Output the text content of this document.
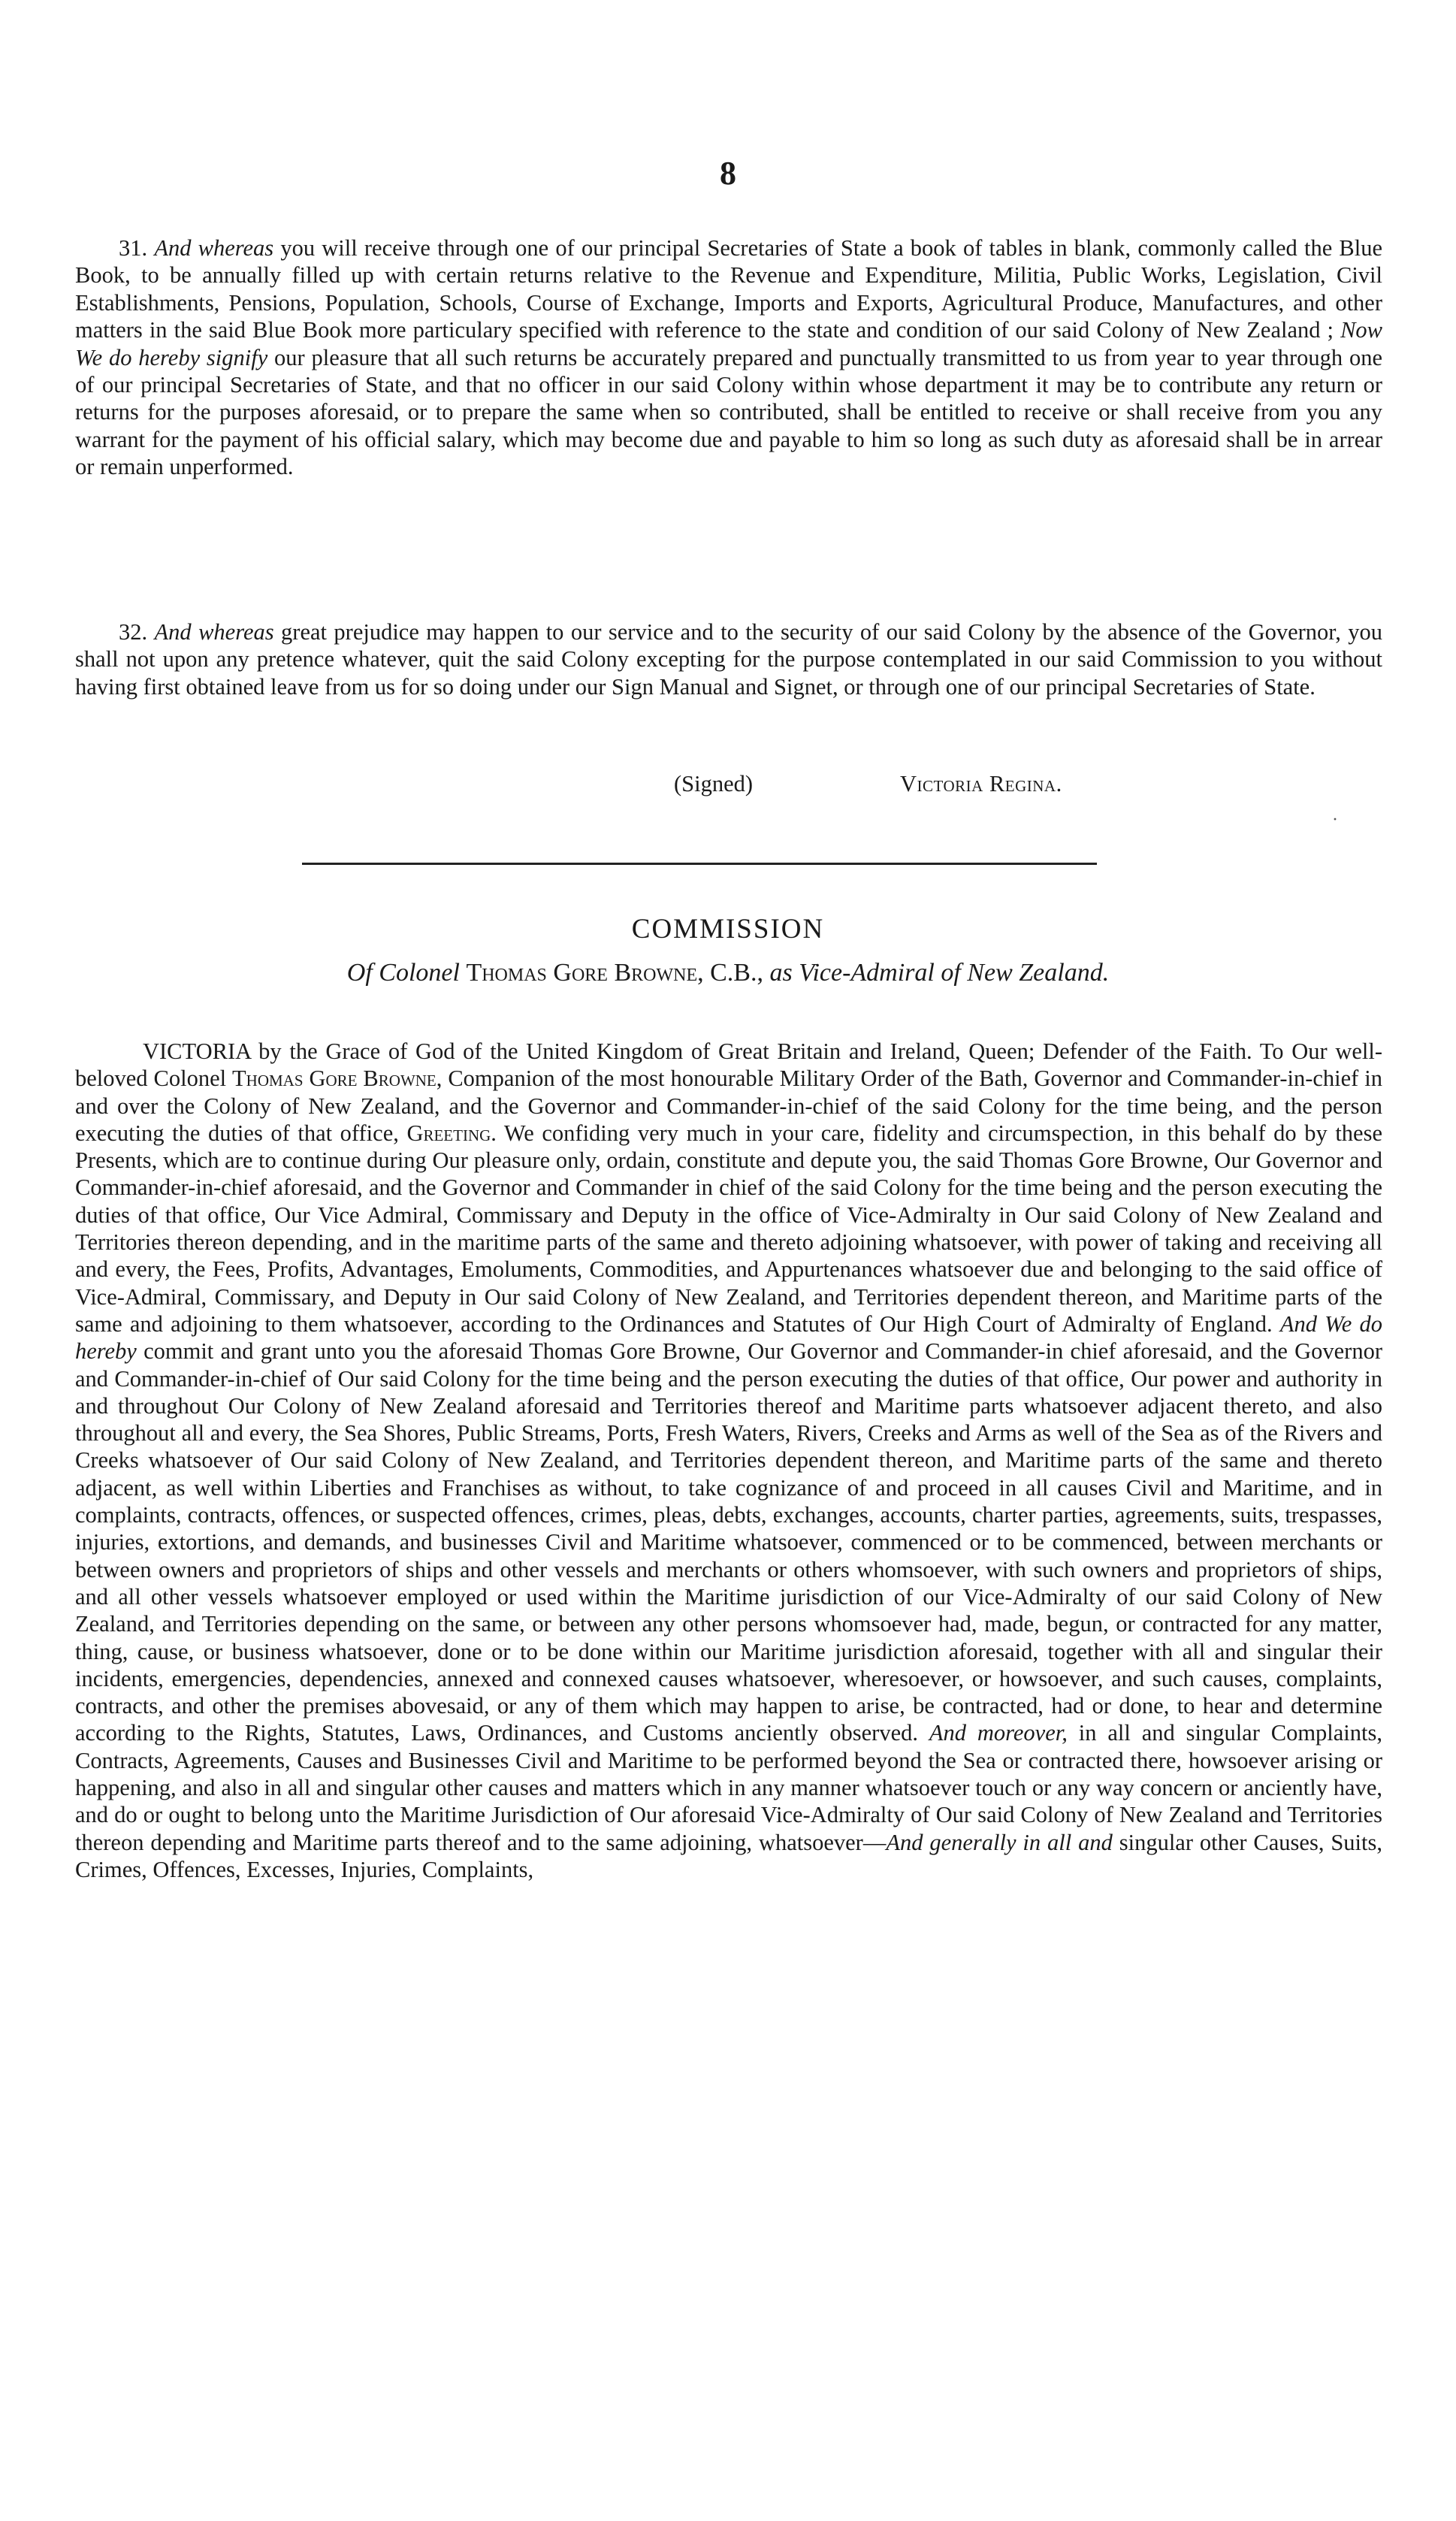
8

31. And whereas you will receive through one of our principal Secretaries of State a book of tables in blank, commonly called the Blue Book, to be annually filled up with certain returns relative to the Revenue and Expenditure, Militia, Public Works, Legislation, Civil Establishments, Pensions, Population, Schools, Course of Exchange, Imports and Exports, Agricultural Produce, Manufactures, and other matters in the said Blue Book more particulary specified with reference to the state and condition of our said Colony of New Zealand ; Now We do hereby signify our pleasure that all such returns be accurately prepared and punctually transmitted to us from year to year through one of our principal Secretaries of State, and that no officer in our said Colony within whose department it may be to contribute any return or returns for the purposes aforesaid, or to prepare the same when so contributed, shall be entitled to receive or shall receive from you any warrant for the payment of his official salary, which may become due and payable to him so long as such duty as aforesaid shall be in arrear or remain unperformed.

32. And whereas great prejudice may happen to our service and to the security of our said Colony by the absence of the Governor, you shall not upon any pretence whatever, quit the said Colony excepting for the purpose contemplated in our said Commission to you without having first obtained leave from us for so doing under our Sign Manual and Signet, or through one of our principal Secretaries of State.

(Signed)	Victoria Regina.
·
COMMISSION
Of Colonel Thomas Gore Browne, C.B., as Vice-Admiral of New Zealand.

VICTORIA by the Grace of God of the United Kingdom of Great Britain and Ireland, Queen; Defender of the Faith. To Our well-beloved Colonel Thomas Gore Browne, Companion of the most honourable Military Order of the Bath, Governor and Commander-in-chief in and over the Colony of New Zealand, and the Governor and Commander-in-chief of the said Colony for the time being, and the person executing the duties of that office, Greeting. We confiding very much in your care, fidelity and circumspection, in this behalf do by these Presents, which are to continue during Our pleasure only, ordain, constitute and depute you, the said Thomas Gore Browne, Our Governor and Commander-in-chief aforesaid, and the Governor and Commander in chief of the said Colony for the time being and the person executing the duties of that office, Our Vice Admiral, Commissary and Deputy in the office of Vice-Admiralty in Our said Colony of New Zealand and Territories thereon depending, and in the maritime parts of the same and thereto adjoining whatsoever, with power of taking and receiving all and every, the Fees, Profits, Advantages, Emoluments, Commodities, and Appurtenances whatsoever due and belonging to the said office of Vice-Admiral, Commissary, and Deputy in Our said Colony of New Zealand, and Territories dependent thereon, and Maritime parts of the same and adjoining to them whatsoever, according to the Ordinances and Statutes of Our High Court of Admiralty of England. And We do hereby commit and grant unto you the aforesaid Thomas Gore Browne, Our Governor and Commander-in chief aforesaid, and the Governor and Commander-in-chief of Our said Colony for the time being and the person executing the duties of that office, Our power and authority in and throughout Our Colony of New Zealand aforesaid and Territories thereof and Maritime parts whatsoever adjacent thereto, and also throughout all and every, the Sea Shores, Public Streams, Ports, Fresh Waters, Rivers, Creeks and Arms as well of the Sea as of the Rivers and Creeks whatsoever of Our said Colony of New Zealand, and Territories dependent thereon, and Maritime parts of the same and thereto adjacent, as well within Liberties and Franchises as without, to take cognizance of and proceed in all causes Civil and Maritime, and in complaints, contracts, offences, or suspected offences, crimes, pleas, debts, exchanges, accounts, charter parties, agreements, suits, trespasses, injuries, extortions, and demands, and businesses Civil and Maritime whatsoever, commenced or to be commenced, between merchants or between owners and proprietors of ships and other vessels and merchants or others whomsoever, with such owners and proprietors of ships, and all other vessels whatsoever employed or used within the Maritime jurisdiction of our Vice-Admiralty of our said Colony of New Zealand, and Territories depending on the same, or between any other persons whomsoever had, made, begun, or contracted for any matter, thing, cause, or business whatsoever, done or to be done within our Maritime jurisdiction aforesaid, together with all and singular their incidents, emergencies, dependencies, annexed and connexed causes whatsoever, wheresoever, or howsoever, and such causes, complaints, contracts, and other the premises abovesaid, or any of them which may happen to arise, be contracted, had or done, to hear and determine according to the Rights, Statutes, Laws, Ordinances, and Customs anciently observed. And moreover, in all and singular Complaints, Contracts, Agreements, Causes and Businesses Civil and Maritime to be performed beyond the Sea or contracted there, howsoever arising or happening, and also in all and singular other causes and matters which in any manner whatsoever touch or any way concern or anciently have, and do or ought to belong unto the Maritime Jurisdiction of Our aforesaid Vice-Admiralty of Our said Colony of New Zealand and Territories thereon depending and Maritime parts thereof and to the same adjoining, whatsoever—And generally in all and singular other Causes, Suits, Crimes, Offences, Excesses, Injuries, Complaints,
